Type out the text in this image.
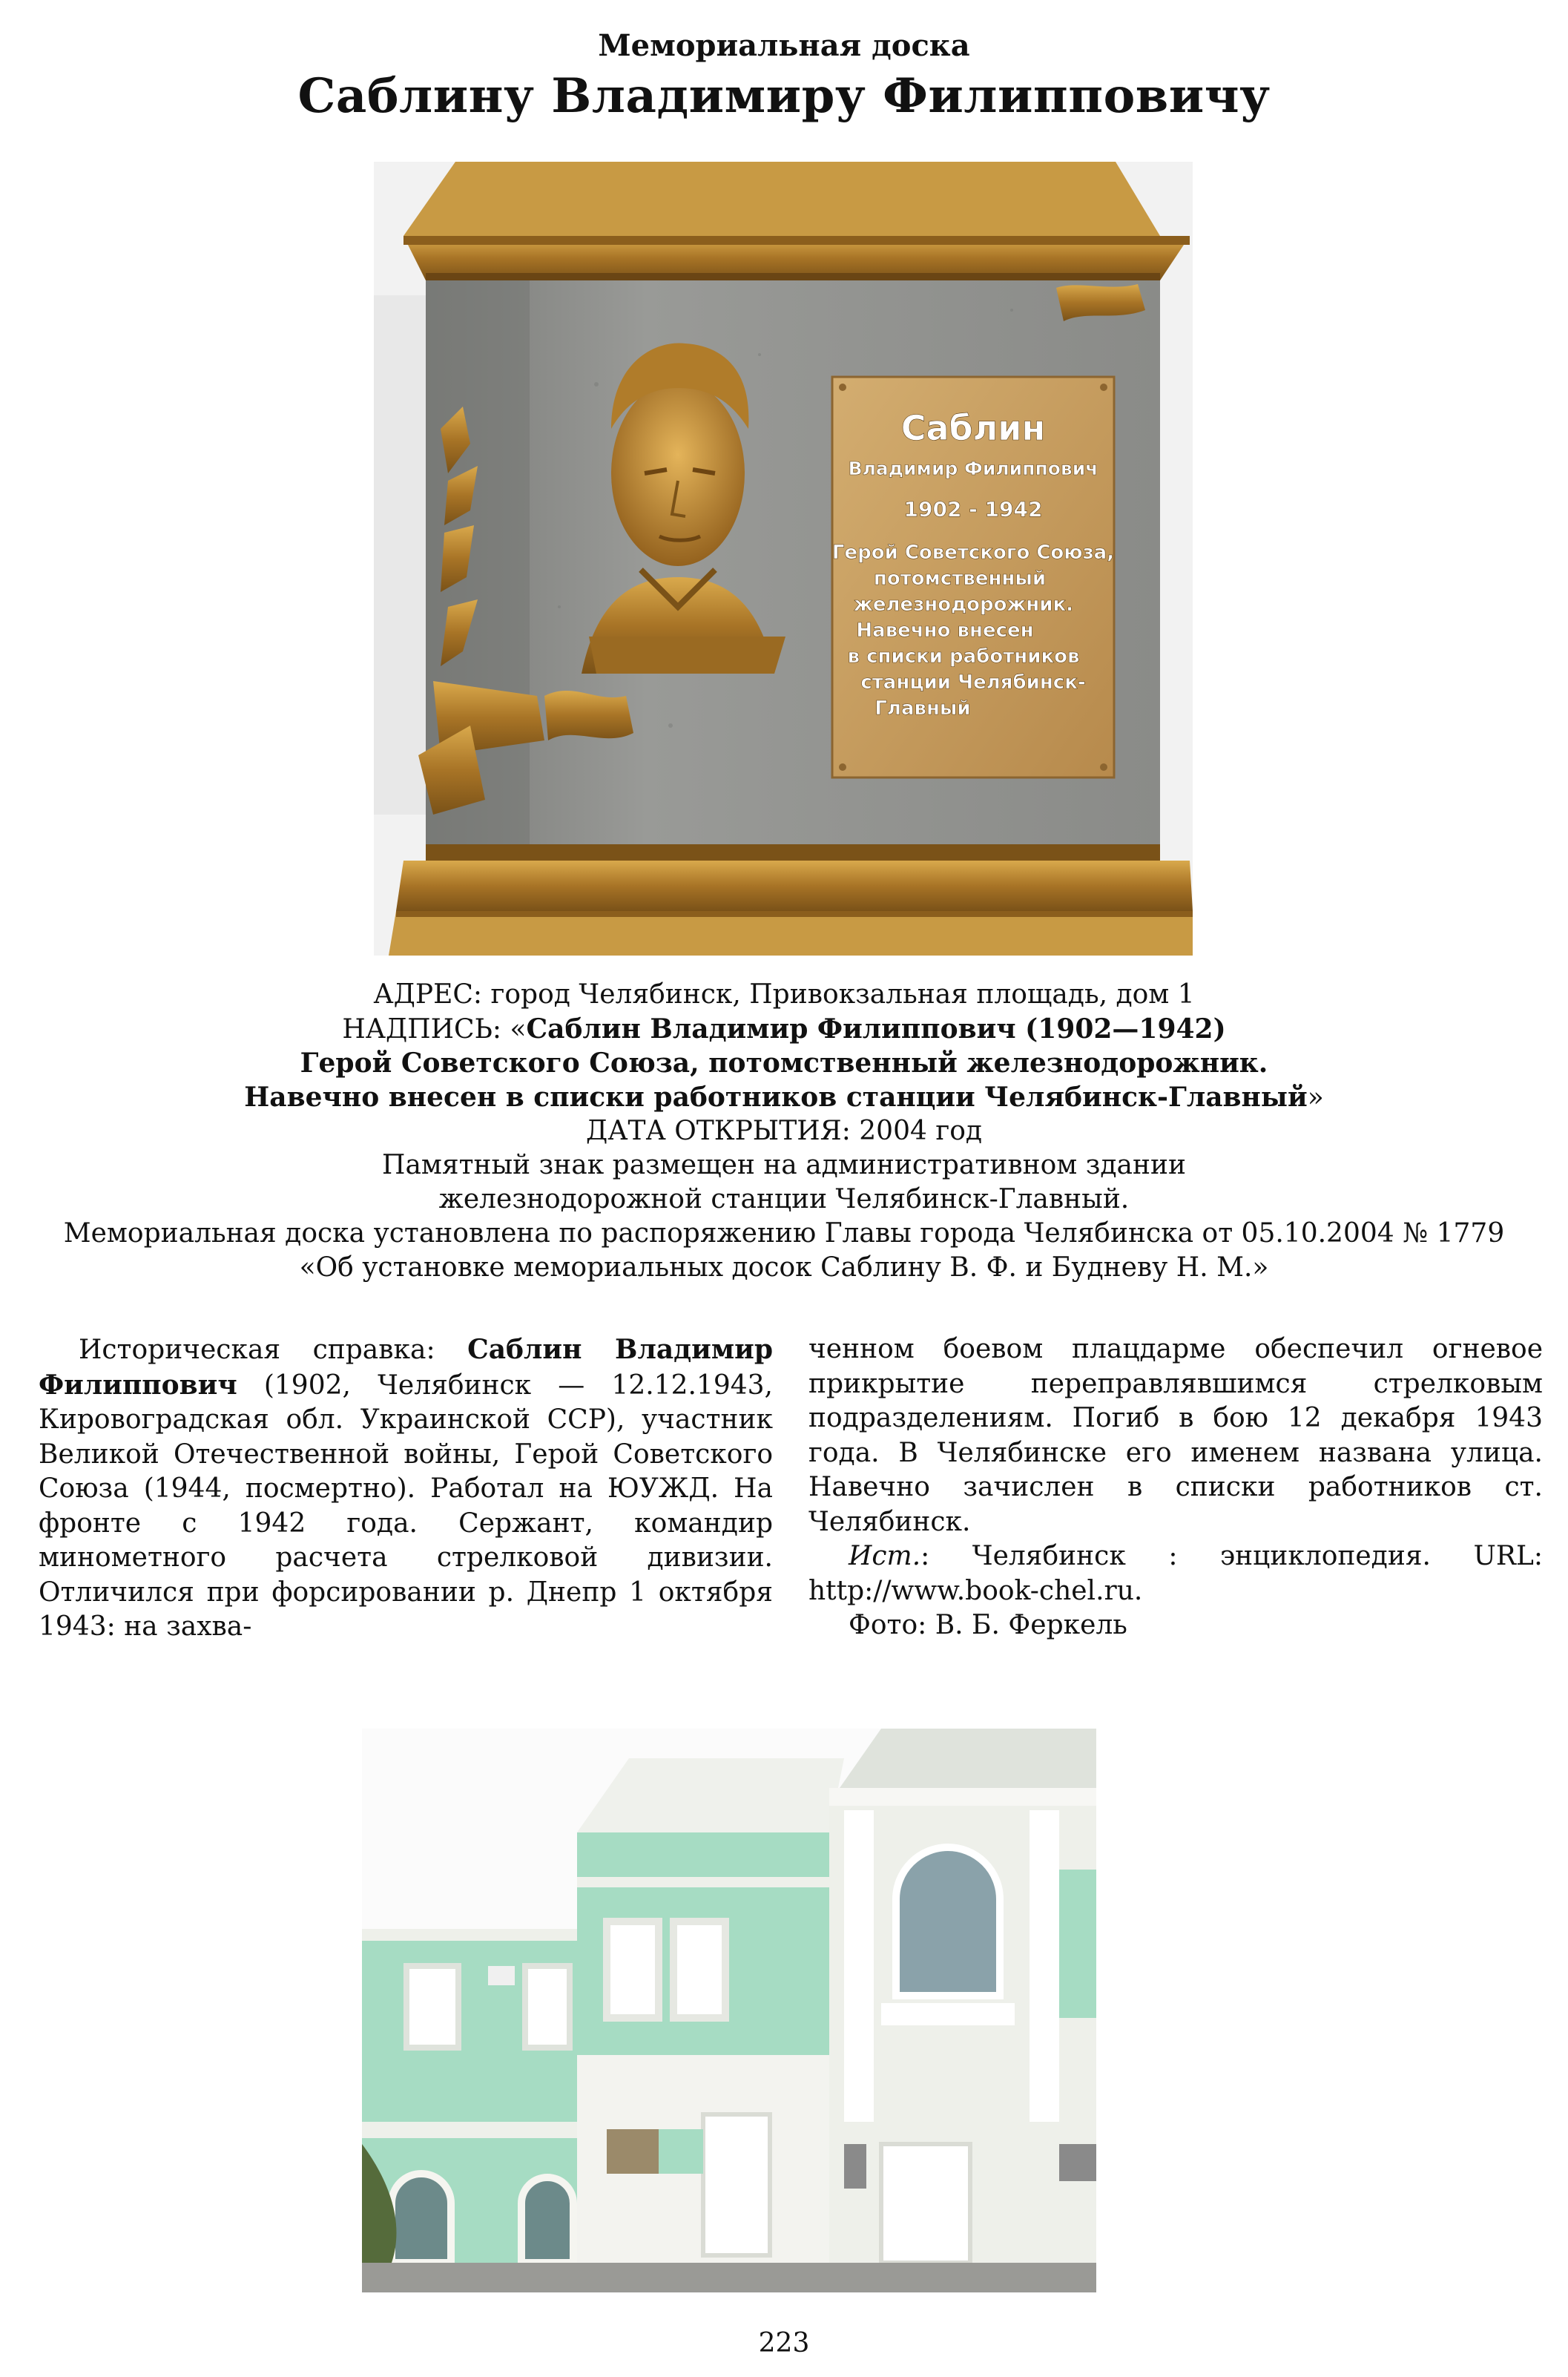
Мемориальная доска
Саблину Владимиру Филипповичу
Саблин
Владимир Филиппович
1902 - 1942
Герой Советского Союза,
потомственный
железнодорожник.
Навечно внесен
в списки работников
станции Челябинск-
Главный
АДРЕС: город Челябинск, Привокзальная площадь, дом 1
НАДПИСЬ: «Саблин Владимир Филиппович (1902—1942)
Герой Советского Союза, потомственный железнодорожник.
Навечно внесен в списки работников станции Челябинск-Главный»
ДАТА ОТКРЫТИЯ: 2004 год
Памятный знак размещен на административном здании
железнодорожной станции Челябинск-Главный.
Мемориальная доска установлена по распоряжению Главы города Челябинска от 05.10.2004 № 1779
«Об установке мемориальных досок Саблину В. Ф. и Будневу Н. М.»

Историческая справка: Саблин Владимир Филиппович (1902, Челябинск — 12.12.1943, Кировоградская обл. Украинской ССР), участник Великой Отечественной войны, Герой Советского Союза (1944, посмертно). Работал на ЮУЖД. На фронте с 1942 года. Сержант, командир минометного расчета стрелковой дивизии. Отличился при форсировании р. Днепр 1 октября 1943: на захва-

ченном боевом плацдарме обеспечил огневое прикрытие переправлявшимся стрелковым подразделениям. Погиб в бою 12 декабря 1943 года. В Челябинске его именем названа улица. Навечно зачислен в списки работников ст. Челябинск.

Ист.: Челябинск : энциклопедия. URL: http://www.book-chel.ru.

Фото: В. Б. Феркель

223
